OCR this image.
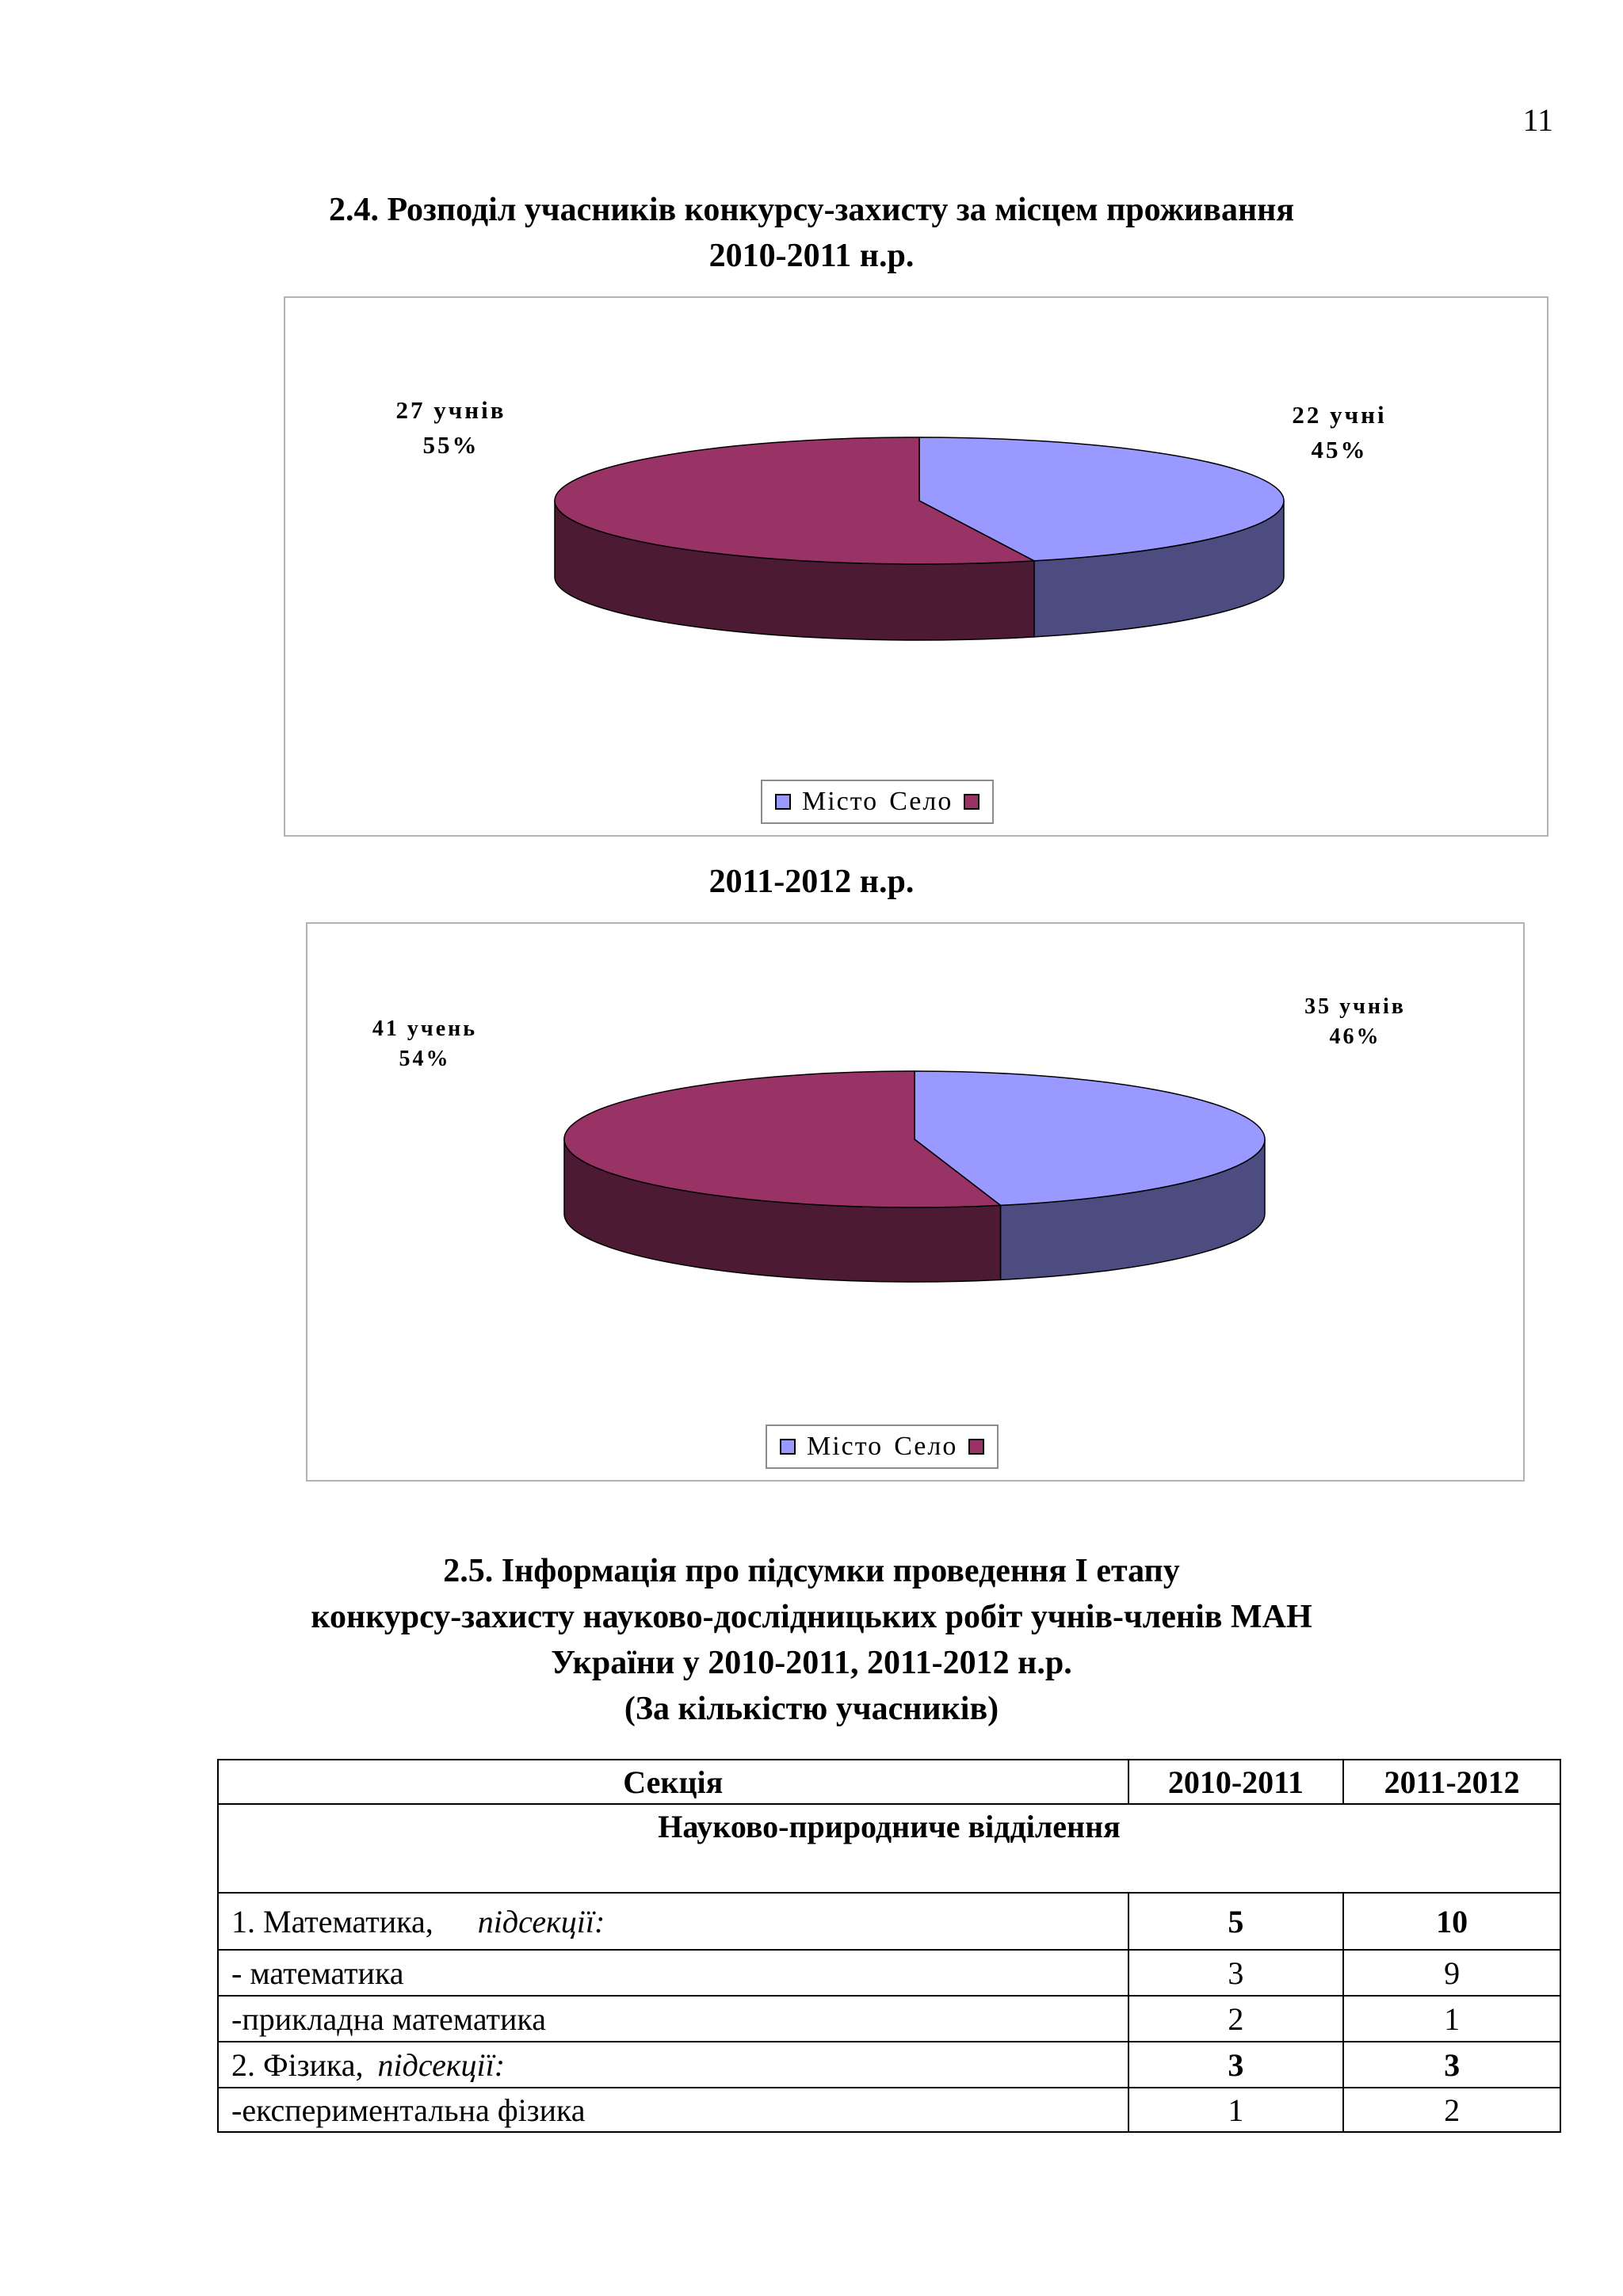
11
2.4. Розподіл учасників конкурсу-захисту за місцем проживання
2010-2011 н.р.
22 учні
45%
27 учнів
55%
Місто Село
2011-2012 н.р.
35 учнів
46%
41 учень
54%
Місто Село
2.5. Інформація про підсумки проведення І етапу
конкурсу-захисту науково-дослідницьких робіт учнів-членів МАН
України у 2010-2011, 2011-2012 н.р.
(За кількістю учасників)
Секція	2010-2011	2011-2012
Науково-природниче відділення		
1. Математика, підсекції:	5	10
- математика	3	9
-прикладна математика	2	1
2. Фізика, підсекції:	3	3
-експериментальна фізика	1	2
